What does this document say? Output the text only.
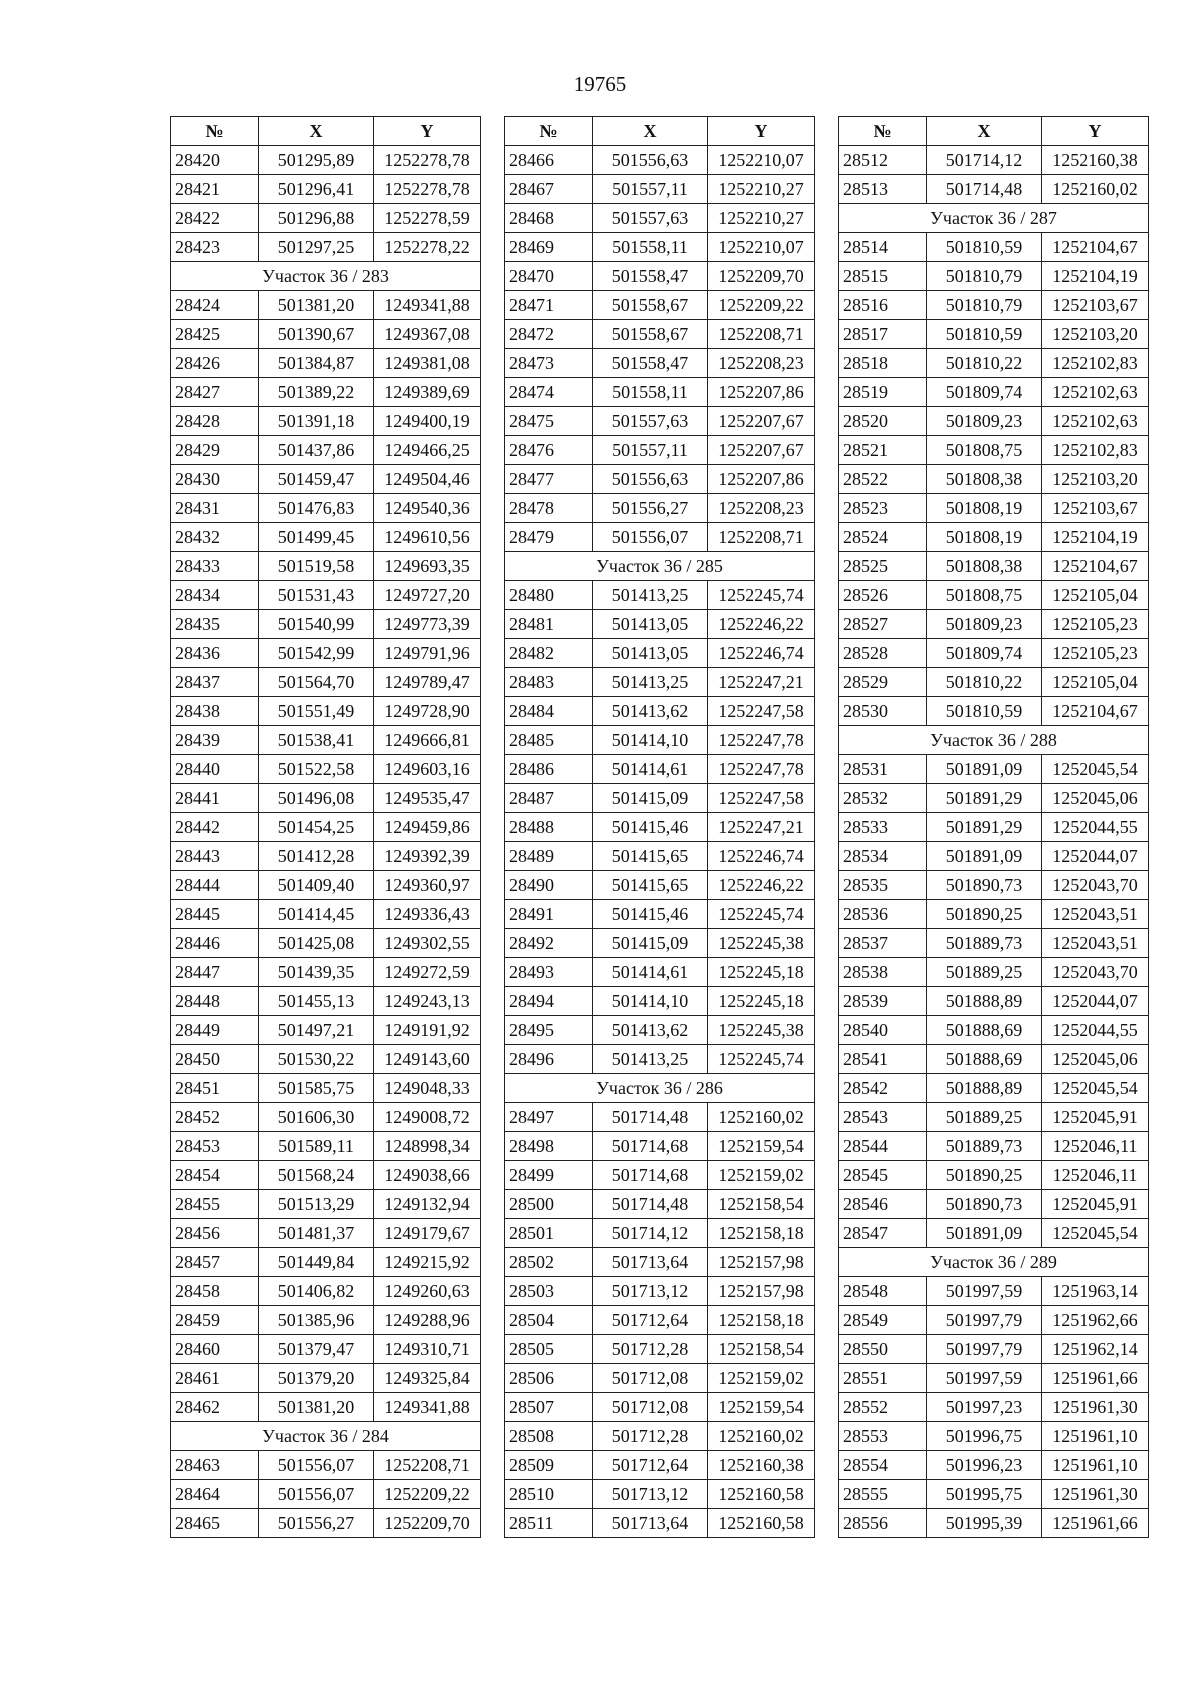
19765
№	X	Y
28420	501295,89	1252278,78
28421	501296,41	1252278,78
28422	501296,88	1252278,59
28423	501297,25	1252278,22
Участок 36 / 283		
28424	501381,20	1249341,88
28425	501390,67	1249367,08
28426	501384,87	1249381,08
28427	501389,22	1249389,69
28428	501391,18	1249400,19
28429	501437,86	1249466,25
28430	501459,47	1249504,46
28431	501476,83	1249540,36
28432	501499,45	1249610,56
28433	501519,58	1249693,35
28434	501531,43	1249727,20
28435	501540,99	1249773,39
28436	501542,99	1249791,96
28437	501564,70	1249789,47
28438	501551,49	1249728,90
28439	501538,41	1249666,81
28440	501522,58	1249603,16
28441	501496,08	1249535,47
28442	501454,25	1249459,86
28443	501412,28	1249392,39
28444	501409,40	1249360,97
28445	501414,45	1249336,43
28446	501425,08	1249302,55
28447	501439,35	1249272,59
28448	501455,13	1249243,13
28449	501497,21	1249191,92
28450	501530,22	1249143,60
28451	501585,75	1249048,33
28452	501606,30	1249008,72
28453	501589,11	1248998,34
28454	501568,24	1249038,66
28455	501513,29	1249132,94
28456	501481,37	1249179,67
28457	501449,84	1249215,92
28458	501406,82	1249260,63
28459	501385,96	1249288,96
28460	501379,47	1249310,71
28461	501379,20	1249325,84
28462	501381,20	1249341,88
Участок 36 / 284		
28463	501556,07	1252208,71
28464	501556,07	1252209,22
28465	501556,27	1252209,70
№	X	Y
28466	501556,63	1252210,07
28467	501557,11	1252210,27
28468	501557,63	1252210,27
28469	501558,11	1252210,07
28470	501558,47	1252209,70
28471	501558,67	1252209,22
28472	501558,67	1252208,71
28473	501558,47	1252208,23
28474	501558,11	1252207,86
28475	501557,63	1252207,67
28476	501557,11	1252207,67
28477	501556,63	1252207,86
28478	501556,27	1252208,23
28479	501556,07	1252208,71
Участок 36 / 285		
28480	501413,25	1252245,74
28481	501413,05	1252246,22
28482	501413,05	1252246,74
28483	501413,25	1252247,21
28484	501413,62	1252247,58
28485	501414,10	1252247,78
28486	501414,61	1252247,78
28487	501415,09	1252247,58
28488	501415,46	1252247,21
28489	501415,65	1252246,74
28490	501415,65	1252246,22
28491	501415,46	1252245,74
28492	501415,09	1252245,38
28493	501414,61	1252245,18
28494	501414,10	1252245,18
28495	501413,62	1252245,38
28496	501413,25	1252245,74
Участок 36 / 286		
28497	501714,48	1252160,02
28498	501714,68	1252159,54
28499	501714,68	1252159,02
28500	501714,48	1252158,54
28501	501714,12	1252158,18
28502	501713,64	1252157,98
28503	501713,12	1252157,98
28504	501712,64	1252158,18
28505	501712,28	1252158,54
28506	501712,08	1252159,02
28507	501712,08	1252159,54
28508	501712,28	1252160,02
28509	501712,64	1252160,38
28510	501713,12	1252160,58
28511	501713,64	1252160,58
№	X	Y
28512	501714,12	1252160,38
28513	501714,48	1252160,02
Участок 36 / 287		
28514	501810,59	1252104,67
28515	501810,79	1252104,19
28516	501810,79	1252103,67
28517	501810,59	1252103,20
28518	501810,22	1252102,83
28519	501809,74	1252102,63
28520	501809,23	1252102,63
28521	501808,75	1252102,83
28522	501808,38	1252103,20
28523	501808,19	1252103,67
28524	501808,19	1252104,19
28525	501808,38	1252104,67
28526	501808,75	1252105,04
28527	501809,23	1252105,23
28528	501809,74	1252105,23
28529	501810,22	1252105,04
28530	501810,59	1252104,67
Участок 36 / 288		
28531	501891,09	1252045,54
28532	501891,29	1252045,06
28533	501891,29	1252044,55
28534	501891,09	1252044,07
28535	501890,73	1252043,70
28536	501890,25	1252043,51
28537	501889,73	1252043,51
28538	501889,25	1252043,70
28539	501888,89	1252044,07
28540	501888,69	1252044,55
28541	501888,69	1252045,06
28542	501888,89	1252045,54
28543	501889,25	1252045,91
28544	501889,73	1252046,11
28545	501890,25	1252046,11
28546	501890,73	1252045,91
28547	501891,09	1252045,54
Участок 36 / 289		
28548	501997,59	1251963,14
28549	501997,79	1251962,66
28550	501997,79	1251962,14
28551	501997,59	1251961,66
28552	501997,23	1251961,30
28553	501996,75	1251961,10
28554	501996,23	1251961,10
28555	501995,75	1251961,30
28556	501995,39	1251961,66
